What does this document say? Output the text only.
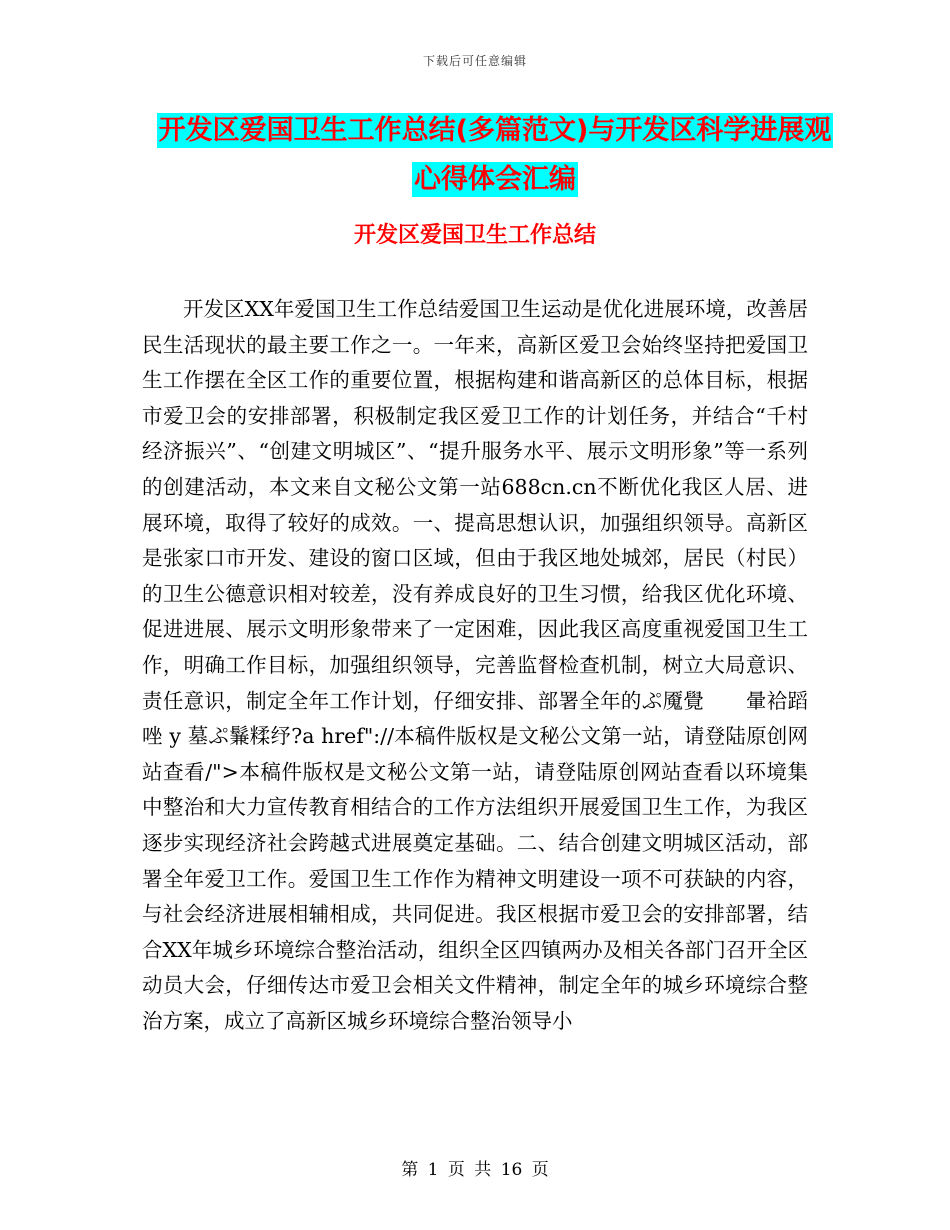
下载后可任意编辑
开发区爱国卫生工作总结(多篇范文)与开发区科学进展观心得体会汇编
开发区爱国卫生工作总结

开发区XX年爱国卫生工作总结爱国卫生运动是优化进展环境，改善居民生活现状的最主要工作之一。一年来，高新区爱卫会始终坚持把爱国卫生工作摆在全区工作的重要位置，根据构建和谐高新区的总体目标，根据市爱卫会的安排部署，积极制定我区爱卫工作的计划任务，并结合“千村经济振兴”、“创建文明城区”、“提升服务水平、展示文明形象”等一系列的创建活动，本文来自文秘公文第一站688cn.cn不断优化我区人居、进展环境，取得了较好的成效。一、提高思想认识，加强组织领导。高新区是张家口市开发、建设的窗口区域，但由于我区地处城郊，居民（村民）的卫生公德意识相对较差，没有养成良好的卫生习惯，给我区优化环境、促进进展、展示文明形象带来了一定困难，因此我区高度重视爱国卫生工作，明确工作目标，加强组织领导，完善监督检查机制，树立大局意识、责任意识，制定全年工作计划，仔细安排、部署全年的ぷ魇覺　　暈袷蹈唑 y 墓ぷ鬑糅纾?a href"://本稿件版权是文秘公文第一站，请登陆原创网站查看/">本稿件版权是文秘公文第一站，请登陆原创网站查看以环境集中整治和大力宣传教育相结合的工作方法组织开展爱国卫生工作，为我区逐步实现经济社会跨越式进展奠定基础。二、结合创建文明城区活动，部署全年爱卫工作。爱国卫生工作作为精神文明建设一项不可获缺的内容，与社会经济进展相辅相成，共同促进。我区根据市爱卫会的安排部署，结合XX年城乡环境综合整治活动，组织全区四镇两办及相关各部门召开全区动员大会，仔细传达市爱卫会相关文件精神，制定全年的城乡环境综合整治方案，成立了高新区城乡环境综合整治领导小

第 1 页 共 16 页
